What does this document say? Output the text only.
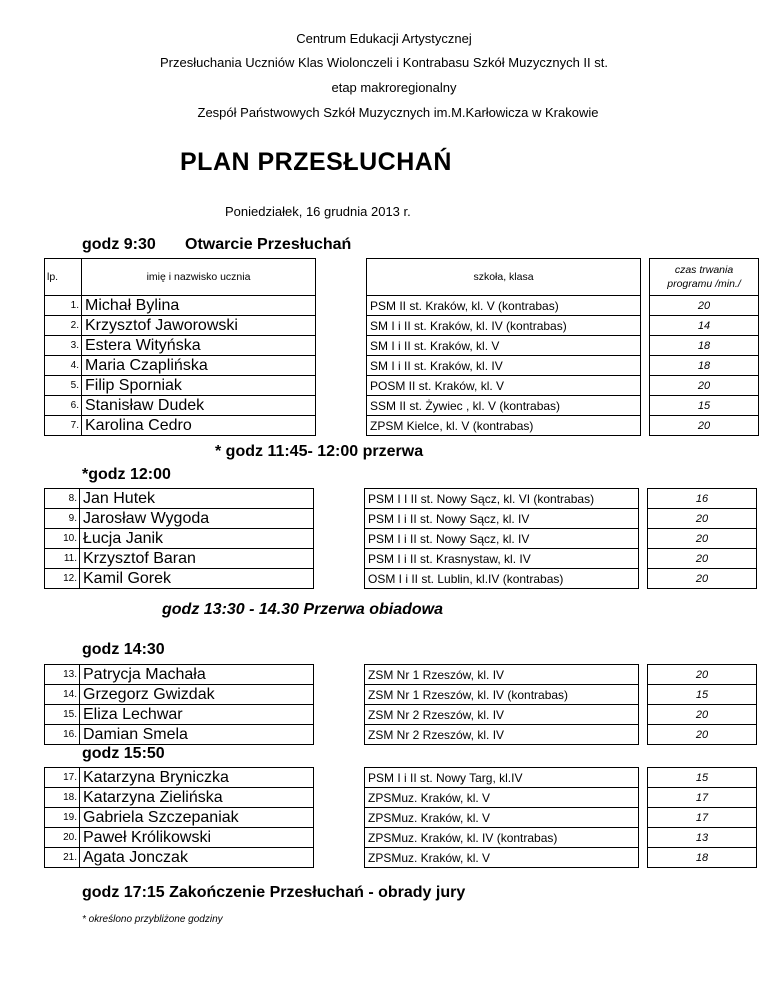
Centrum Edukacji Artystycznej
Przesłuchania Uczniów Klas Wiolonczeli i Kontrabasu Szkół Muzycznych II st.
etap makroregionalny
Zespół Państwowych Szkół Muzycznych im.M.Karłowicza w Krakowie
PLAN PRZESŁUCHAŃ
Poniedziałek, 16 grudnia 2013 r.
godz 9:30 Otwarcie Przesłuchań
lp.	imię i nazwisko ucznia		szkoła, klasa		czas trwania
programu /min./

1.	Michał Bylina		PSM II st. Kraków, kl. V (kontrabas)		20
2.	Krzysztof Jaworowski		SM I i II st. Kraków, kl. IV (kontrabas)		14
3.	Estera Wityńska		SM I i II st. Kraków, kl. V		18
4.	Maria Czaplińska		SM I i II st. Kraków, kl. IV		18
5.	Filip Sporniak		POSM II st. Kraków, kl. V		20
6.	Stanisław Dudek		SSM II st. Żywiec , kl. V (kontrabas)		15
7.	Karolina Cedro		ZPSM Kielce, kl. V (kontrabas)		20
* godz 11:45- 12:00 przerwa
*godz 12:00
8.	Jan Hutek		PSM I I II st. Nowy Sącz, kl. VI (kontrabas)		16
9.	Jarosław Wygoda		PSM I i II st. Nowy Sącz, kl. IV		20
10.	Łucja Janik		PSM I i II st. Nowy Sącz, kl. IV		20
11.	Krzysztof Baran		PSM I i II st. Krasnystaw, kl. IV		20
12.	Kamil Gorek		OSM I i II st. Lublin, kl.IV (kontrabas)		20
godz 13:30 - 14.30 Przerwa obiadowa
godz 14:30
13.	Patrycja Machała		ZSM Nr 1 Rzeszów, kl. IV		20
14.	Grzegorz Gwizdak		ZSM Nr 1 Rzeszów, kl. IV (kontrabas)		15
15.	Eliza Lechwar		ZSM Nr 2 Rzeszów, kl. IV		20
16.	Damian Smela		ZSM Nr 2 Rzeszów, kl. IV		20
godz 15:50
17.	Katarzyna Bryniczka		PSM I i II st. Nowy Targ, kl.IV		15
18.	Katarzyna Zielińska		ZPSMuz. Kraków, kl. V		17
19.	Gabriela Szczepaniak		ZPSMuz. Kraków, kl. V		17
20.	Paweł Królikowski		ZPSMuz. Kraków, kl. IV (kontrabas)		13
21.	Agata Jonczak		ZPSMuz. Kraków, kl. V		18
godz 17:15 Zakończenie Przesłuchań - obrady jury
* określono przybliżone godziny
